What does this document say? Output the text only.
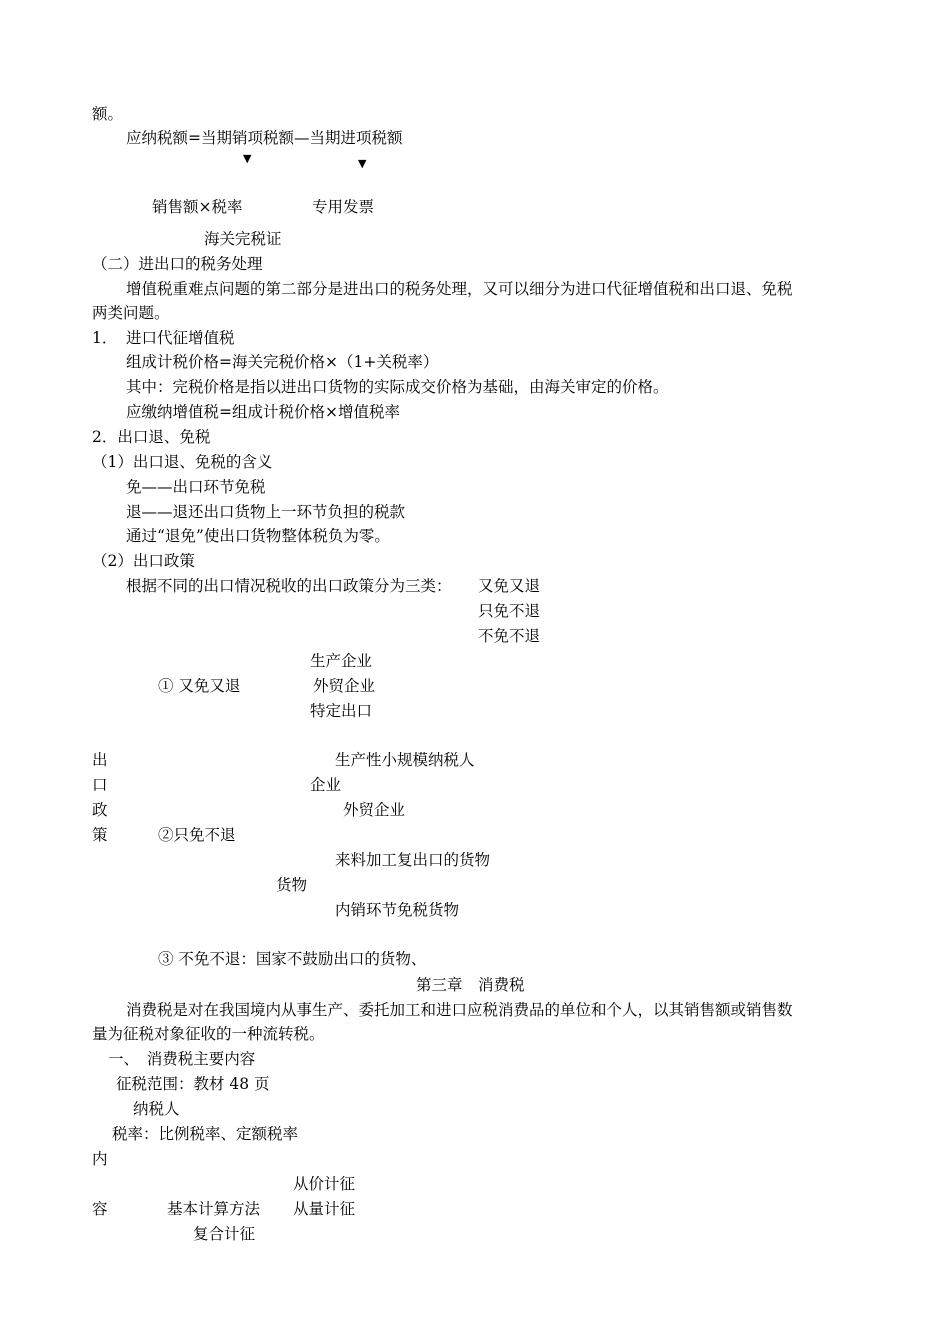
额。
应纳税额=当期销项税额—当期进项税额
▼	▼
销售额×税率	专用发票
海关完税证
（二）进出口的税务处理
增值税重难点问题的第二部分是进出口的税务处理，又可以细分为进口代征增值税和出口退、免税
两类问题。
1． 进口代征增值税
组成计税价格=海关完税价格×（1+关税率）
其中：完税价格是指以进出口货物的实际成交价格为基础，由海关审定的价格。
应缴纳增值税=组成计税价格×增值税率
2．出口退、免税
（1）出口退、免税的含义
免——出口环节免税
退——退还出口货物上一环节负担的税款
通过“退免”使出口货物整体税负为零。
（2）出口政策
根据不同的出口情况税收的出口政策分为三类： 又免又退
只免不退
不免不退
生产企业
① 又免又退	外贸企业
特定出口
出	生产性小规模纳税人
口	企业
政	外贸企业
策	②只免不退
来料加工复出口的货物
货物
内销环节免税货物
③ 不免不退：国家不鼓励出口的货物、
第三章　消费税
消费税是对在我国境内从事生产、委托加工和进口应税消费品的单位和个人，以其销售额或销售数
量为征税对象征收的一种流转税。
一、　消费税主要内容
征税范围：教材 48 页
纳税人
税率：比例税率、定额税率
内
从价计征
容	基本计算方法 从量计征
复合计征
